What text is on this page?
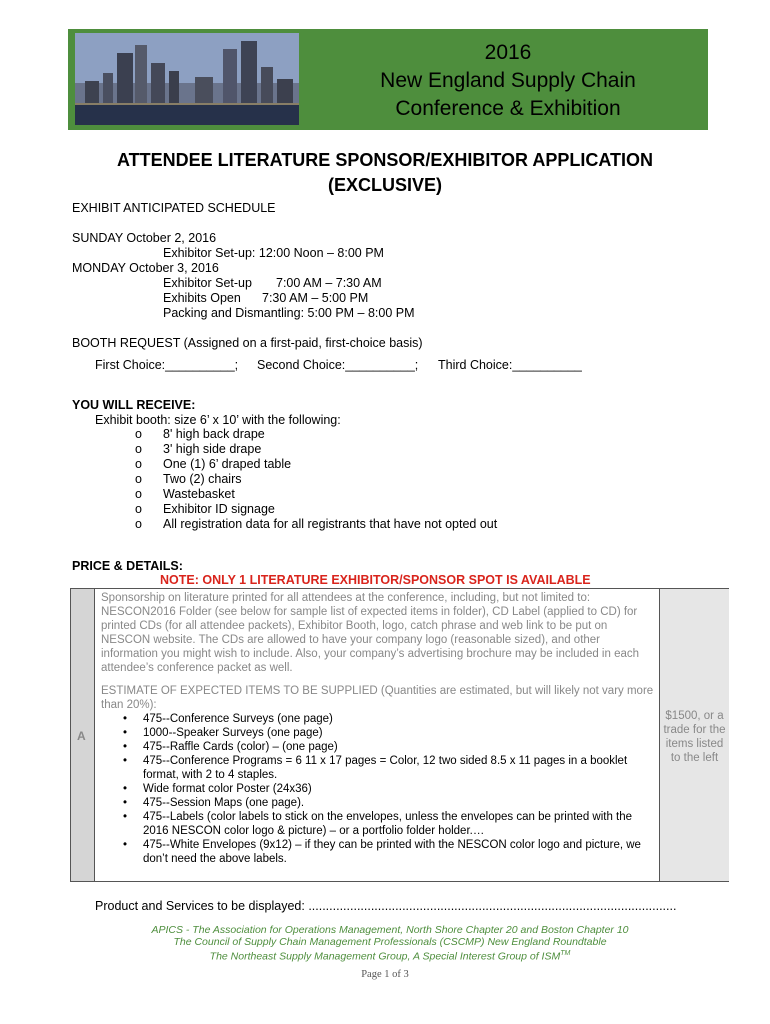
2016
New England Supply Chain
Conference & Exhibition
ATTENDEE LITERATURE SPONSOR/EXHIBITOR APPLICATION
(EXCLUSIVE)
EXHIBIT ANTICIPATED SCHEDULE
SUNDAY October 2, 2016
Exhibitor Set-up: 12:00 Noon – 8:00 PM
MONDAY October 3, 2016
Exhibitor Set-up 7:00 AM – 7:30 AM
Exhibits Open 7:30 AM – 5:00 PM
Packing and Dismantling: 5:00 PM – 8:00 PM
BOOTH REQUEST (Assigned on a first-paid, first-choice basis)
First Choice:__________; Second Choice:__________; Third Choice:__________
YOU WILL RECEIVE:
Exhibit booth: size 6’ x 10’ with the following:
o 8' high back drape
o 3' high side drape
o One (1) 6’ draped table
o Two (2) chairs
o Wastebasket
o Exhibitor ID signage
o All registration data for all registrants that have not opted out
PRICE & DETAILS:
NOTE: ONLY 1 LITERATURE EXHIBITOR/SPONSOR SPOT IS AVAILABLE
A
Sponsorship on literature printed for all attendees at the conference, including, but not limited to: NESCON2016 Folder (see below for sample list of expected items in folder), CD Label (applied to CD) for printed CDs (for all attendee packets), Exhibitor Booth, logo, catch phrase and web link to be put on NESCON website. The CDs are allowed to have your company logo (reasonable sized), and other information you might wish to include. Also, your company’s advertising brochure may be included in each attendee’s conference packet as well.
ESTIMATE OF EXPECTED ITEMS TO BE SUPPLIED (Quantities are estimated, but will likely not vary more than 20%):
• 475--Conference Surveys (one page)
• 1000--Speaker Surveys (one page)
• 475--Raffle Cards (color) – (one page)
• 475--Conference Programs = 6 11 x 17 pages = Color, 12 two sided 8.5 x 11 pages in a booklet format, with 2 to 4 staples.
• Wide format color Poster (24x36)
• 475--Session Maps (one page).
• 475--Labels (color labels to stick on the envelopes, unless the envelopes can be printed with the 2016 NESCON color logo & picture) – or a portfolio folder holder.…
• 475--White Envelopes (9x12) – if they can be printed with the NESCON color logo and picture, we don’t need the above labels.
$1500, or a trade for the items listed to the left
Product and Services to be displayed: ..........................................................................................................
APICS - The Association for Operations Management, North Shore Chapter 20 and Boston Chapter 10
The Council of Supply Chain Management Professionals (CSCMP) New England Roundtable
The Northeast Supply Management Group, A Special Interest Group of ISM™
Page 1 of 3
